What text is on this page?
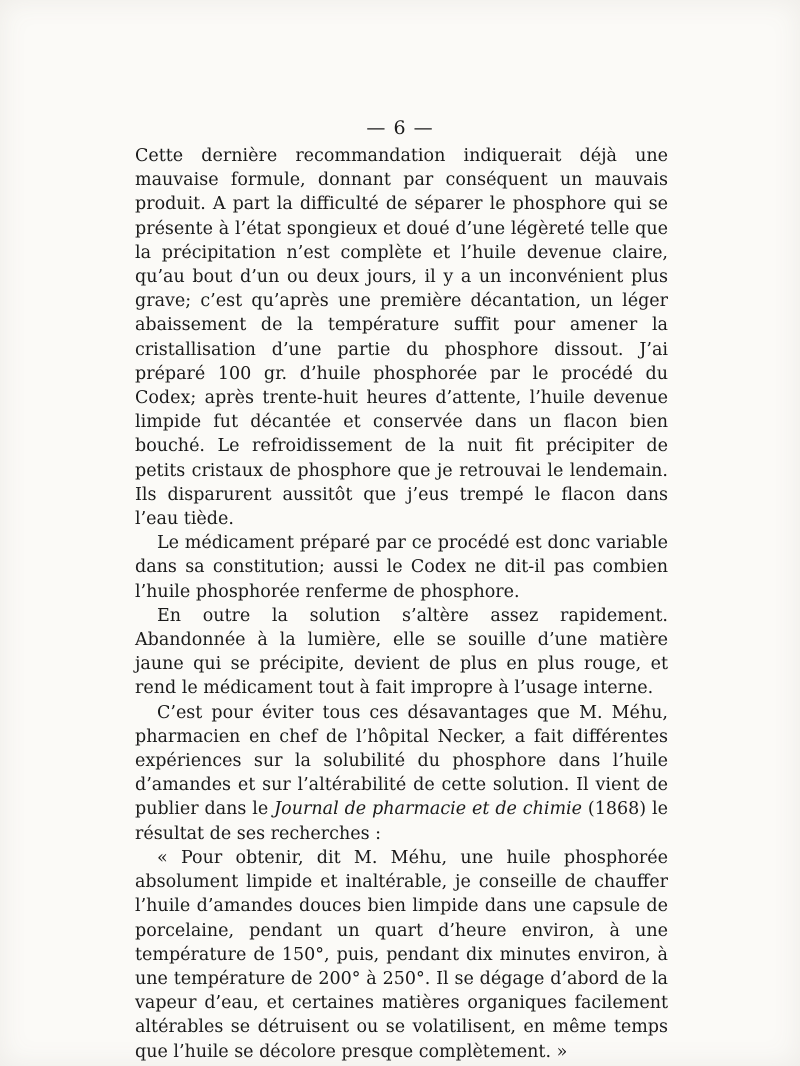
— 6 —

Cette dernière recommandation indiquerait déjà une mauvaise formule, donnant par conséquent un mauvais produit. A part la difficulté de séparer le phosphore qui se présente à l’état spongieux et doué d’une légèreté telle que la précipitation n’est complète et l’huile devenue claire, qu’au bout d’un ou deux jours, il y a un inconvénient plus grave; c’est qu’après une première décantation, un léger abaissement de la température suffit pour amener la cristallisation d’une partie du phosphore dissout. J’ai préparé 100 gr. d’huile phosphorée par le procédé du Codex; après trente-huit heures d’attente, l’huile devenue limpide fut décantée et conservée dans un flacon bien bouché. Le refroidissement de la nuit fit précipiter de petits cristaux de phosphore que je retrouvai le lendemain. Ils disparurent aussitôt que j’eus trempé le flacon dans l’eau tiède.

Le médicament préparé par ce procédé est donc variable dans sa constitution; aussi le Codex ne dit-il pas combien l’huile phosphorée renferme de phosphore.

En outre la solution s’altère assez rapidement. Abandonnée à la lumière, elle se souille d’une matière jaune qui se précipite, devient de plus en plus rouge, et rend le médicament tout à fait impropre à l’usage interne.

C’est pour éviter tous ces désavantages que M. Méhu, pharmacien en chef de l’hôpital Necker, a fait différentes expériences sur la solubilité du phosphore dans l’huile d’amandes et sur l’altérabilité de cette solution. Il vient de publier dans le Journal de pharmacie et de chimie (1868) le résultat de ses recherches :

« Pour obtenir, dit M. Méhu, une huile phosphorée absolument limpide et inaltérable, je conseille de chauffer l’huile d’amandes douces bien limpide dans une capsule de porcelaine, pendant un quart d’heure environ, à une température de 150°, puis, pendant dix minutes environ, à une température de 200° à 250°. Il se dégage d’abord de la vapeur d’eau, et certaines matières organiques facilement altérables se détruisent ou se volatilisent, en même temps que l’huile se décolore presque complètement. »
